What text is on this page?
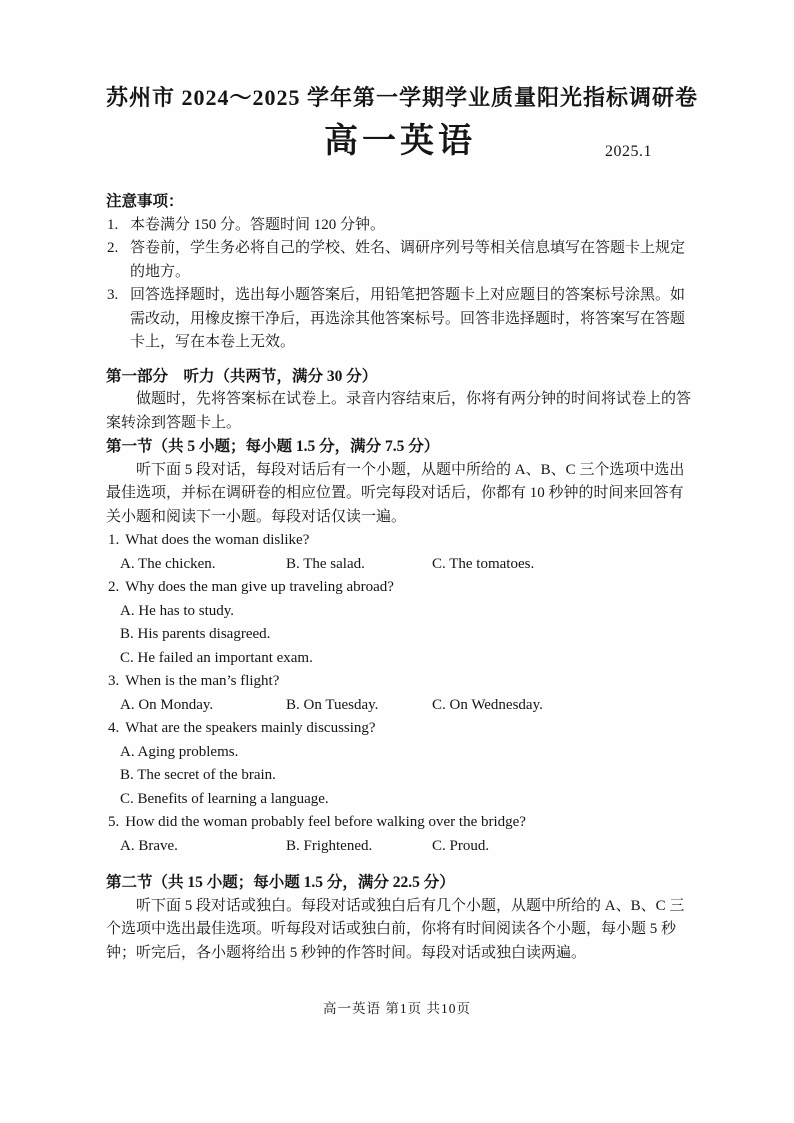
苏州市 2024～2025 学年第一学期学业质量阳光指标调研卷
高一英语	2025.1
注意事项：
1. 本卷满分 150 分。答题时间 120 分钟。
2. 答卷前，学生务必将自己的学校、姓名、调研序列号等相关信息填写在答题卡上规定的地方。
3. 回答选择题时，选出每小题答案后，用铅笔把答题卡上对应题目的答案标号涂黑。如需改动，用橡皮擦干净后，再选涂其他答案标号。回答非选择题时，将答案写在答题卡上，写在本卷上无效。
第一部分　听力（共两节，满分 30 分）
做题时，先将答案标在试卷上。录音内容结束后，你将有两分钟的时间将试卷上的答案转涂到答题卡上。
第一节（共 5 小题；每小题 1.5 分，满分 7.5 分）
听下面 5 段对话，每段对话后有一个小题，从题中所给的 A、B、C 三个选项中选出最佳选项，并标在调研卷的相应位置。听完每段对话后，你都有 10 秒钟的时间来回答有关小题和阅读下一小题。每段对话仅读一遍。
1. What does the woman dislike?
A. The chicken.	B. The salad.	C. The tomatoes.
2. Why does the man give up traveling abroad?
A. He has to study.
B. His parents disagreed.
C. He failed an important exam.
3. When is the man’s flight?
A. On Monday.	B. On Tuesday.	C. On Wednesday.
4. What are the speakers mainly discussing?
A. Aging problems.
B. The secret of the brain.
C. Benefits of learning a language.
5. How did the woman probably feel before walking over the bridge?
A. Brave.	B. Frightened.	C. Proud.
第二节（共 15 小题；每小题 1.5 分，满分 22.5 分）
听下面 5 段对话或独白。每段对话或独白后有几个小题，从题中所给的 A、B、C 三个选项中选出最佳选项。听每段对话或独白前，你将有时间阅读各个小题，每小题 5 秒钟；听完后，各小题将给出 5 秒钟的作答时间。每段对话或独白读两遍。
高一英语 第1页 共10页
